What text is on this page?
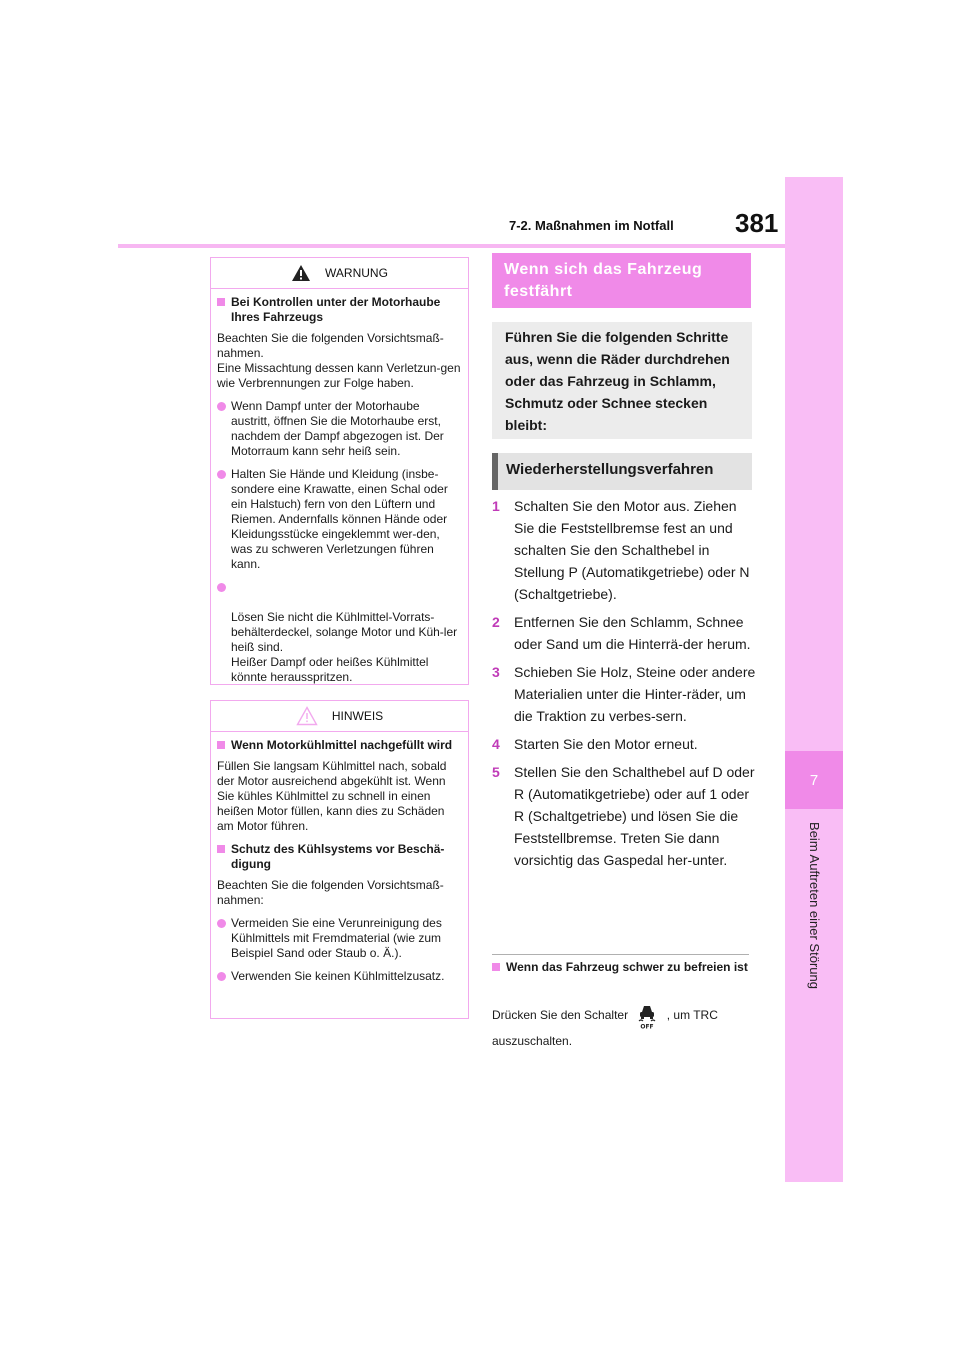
7
Beim Auftreten einer Störung
7-2. Maßnahmen im Notfall 381
WARNUNG
Bei Kontrollen unter der Motorhaube Ihres Fahrzeugs

Beachten Sie die folgenden Vorsichtsmaß-nahmen.
Eine Missachtung dessen kann Verletzun-gen wie Verbrennungen zur Folge haben.

Wenn Dampf unter der Motorhaube austritt, öffnen Sie die Motorhaube erst, nachdem der Dampf abgezogen ist. Der Motorraum kann sehr heiß sein.
Halten Sie Hände und Kleidung (insbe-sondere eine Krawatte, einen Schal oder ein Halstuch) fern von den Lüftern und Riemen. Andernfalls können Hände oder Kleidungsstücke eingeklemmt wer-den, was zu schweren Verletzungen führen kann.

Lösen Sie nicht die Kühlmittel-Vorrats-behälterdeckel, solange Motor und Küh-ler heiß sind.
Heißer Dampf oder heißes Kühlmittel könnte herausspritzen.

HINWEIS
Wenn Motorkühlmittel nachgefüllt wird

Füllen Sie langsam Kühlmittel nach, sobald der Motor ausreichend abgekühlt ist. Wenn Sie kühles Kühlmittel zu schnell in einen heißen Motor füllen, kann dies zu Schäden am Motor führen.

Schutz des Kühlsystems vor Beschä-digung

Beachten Sie die folgenden Vorsichtsmaß-nahmen:

Vermeiden Sie eine Verunreinigung des Kühlmittels mit Fremdmaterial (wie zum Beispiel Sand oder Staub o. Ä.).
Verwenden Sie keinen Kühlmittelzusatz.
Wenn sich das Fahrzeug festfährt
Führen Sie die folgenden Schritte aus, wenn die Räder durchdrehen oder das Fahrzeug in Schlamm, Schmutz oder Schnee stecken bleibt:
Wiederherstellungsverfahren
1 Schalten Sie den Motor aus. Ziehen Sie die Feststellbremse fest an und schalten Sie den Schalthebel in Stellung P (Automatikgetriebe) oder N (Schaltgetriebe).
2 Entfernen Sie den Schlamm, Schnee oder Sand um die Hinterrä-der herum.
3 Schieben Sie Holz, Steine oder andere Materialien unter die Hinter-räder, um die Traktion zu verbes-sern.
4 Starten Sie den Motor erneut.
5 Stellen Sie den Schalthebel auf D oder R (Automatikgetriebe) oder auf 1 oder R (Schaltgetriebe) und lösen Sie die Feststellbremse. Treten Sie dann vorsichtig das Gaspedal her-unter.
Wenn das Fahrzeug schwer zu befreien ist
Drücken Sie den Schalter
OFF
, um TRC auszuschalten.
